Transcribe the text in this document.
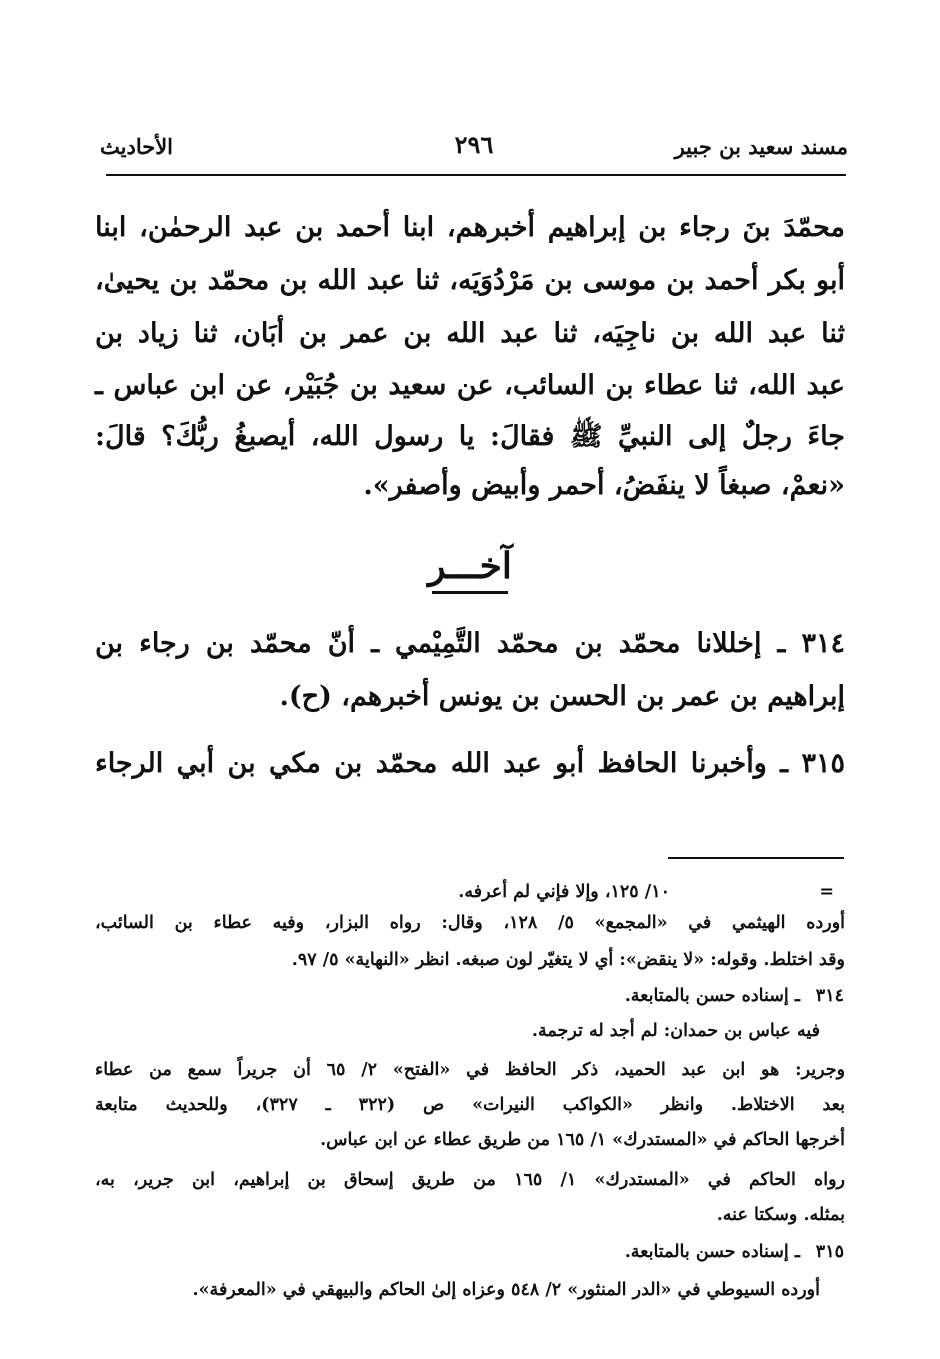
مسند سعيد بن جبير
٢٩٦
الأحاديث
محمّدَ بنَ رجاء بن إبراهيم أخبرهم، ابنا أحمد بن عبد الرحمٰن، ابنا
أبو بكر أحمد بن موسى بن مَرْدُوَيَه، ثنا عبد الله بن محمّد بن يحيىٰ،
ثنا عبد الله بن ناجِيَه، ثنا عبد الله بن عمر بن أبَان، ثنا زياد بن
عبد الله، ثنا عطاء بن السائب، عن سعيد بن جُبَيْر، عن ابن عباس ـ
جاءَ رجلٌ إلى النبيِّ ﷺ فقالَ: يا رسول الله، أيصبغُ ربُّكَ؟ قالَ:
«نعمْ، صبغاً لا ينفَضُ، أحمر وأبيض وأصفر».
آخـــر
٣١٤ ـ إخللانا محمّد بن محمّد التَّمِيْمي ـ أنّ محمّد بن رجاء بن
إبراهيم بن عمر بن الحسن بن يونس أخبرهم، (ح).
٣١٥ ـ وأخبرنا الحافظ أبو عبد الله محمّد بن مكي بن أبي الرجاء
=
١٠/ ١٢٥، وإلا فإني لم أعرفه.
أورده الهيثمي في «المجمع» ٥/ ١٢٨، وقال: رواه البزار، وفيه عطاء بن السائب،
وقد اختلط. وقوله: «لا ينقض»: أي لا يتغيّر لون صبغه. انظر «النهاية» ٥/ ٩٧.
٣١٤
ـ إسناده حسن بالمتابعة.
فيه عباس بن حمدان: لم أجد له ترجمة.
وجرير: هو ابن عبد الحميد، ذكر الحافظ في «الفتح» ٢/ ٦٥ أن جريراً سمع من عطاء
بعد الاختلاط. وانظر «الكواكب النيرات» ص (٣٢٢ ـ ٣٢٧)، وللحديث متابعة
أخرجها الحاكم في «المستدرك» ١/ ١٦٥ من طريق عطاء عن ابن عباس.
رواه الحاكم في «المستدرك» ١/ ١٦٥ من طريق إسحاق بن إبراهيم، ابن جرير، به،
بمثله. وسكتا عنه.
٣١٥
ـ إسناده حسن بالمتابعة.
أورده السيوطي في «الدر المنثور» ٢/ ٥٤٨ وعزاه إلىٰ الحاكم والبيهقي في «المعرفة».
